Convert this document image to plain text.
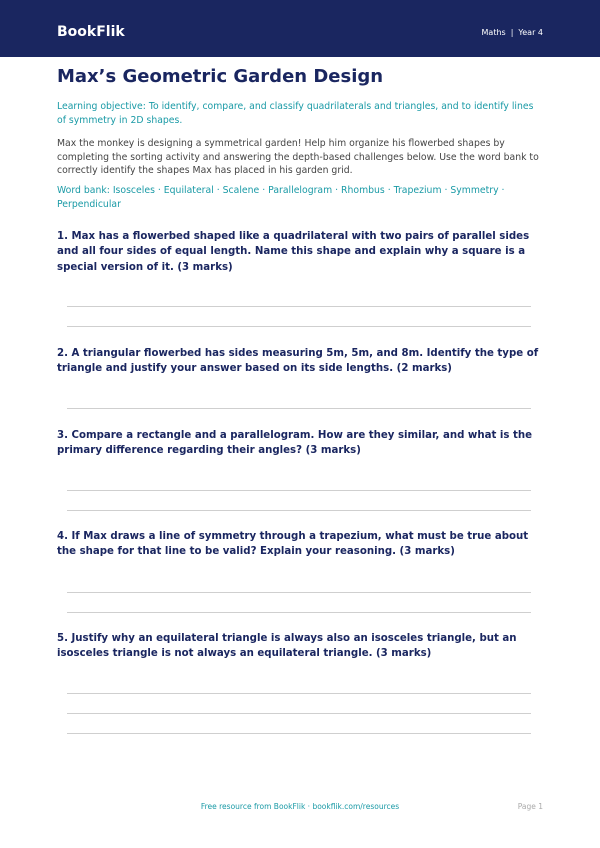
BookFlik	Maths | Year 4
Max’s Geometric Garden Design

Learning objective: To identify, compare, and classify quadrilaterals and triangles, and to identify lines of symmetry in 2D shapes.

Max the monkey is designing a symmetrical garden! Help him organize his flowerbed shapes by completing the sorting activity and answering the depth-based challenges below. Use the word bank to correctly identify the shapes Max has placed in his garden grid.

Word bank: Isosceles · Equilateral · Scalene · Parallelogram · Rhombus · Trapezium · Symmetry · Perpendicular

1. Max has a flowerbed shaped like a quadrilateral with two pairs of parallel sides and all four sides of equal length. Name this shape and explain why a square is a special version of it. (3 marks)

2. A triangular flowerbed has sides measuring 5m, 5m, and 8m. Identify the type of triangle and justify your answer based on its side lengths. (2 marks)

3. Compare a rectangle and a parallelogram. How are they similar, and what is the primary difference regarding their angles? (3 marks)

4. If Max draws a line of symmetry through a trapezium, what must be true about the shape for that line to be valid? Explain your reasoning. (3 marks)

5. Justify why an equilateral triangle is always also an isosceles triangle, but an isosceles triangle is not always an equilateral triangle. (3 marks)

Free resource from BookFlik · bookflik.com/resources	Page 1
